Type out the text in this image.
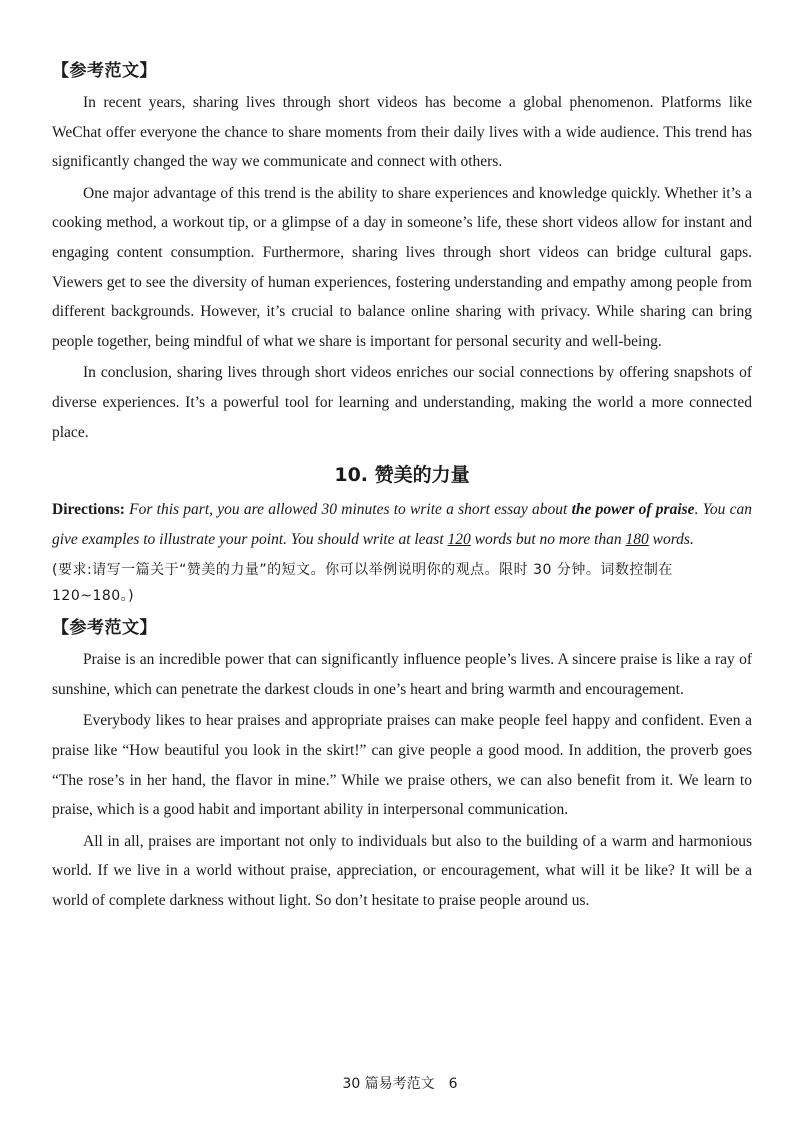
【参考范文】

In recent years, sharing lives through short videos has become a global phenomenon. Platforms like WeChat offer everyone the chance to share moments from their daily lives with a wide audience. This trend has significantly changed the way we communicate and connect with others.

One major advantage of this trend is the ability to share experiences and knowledge quickly. Whether it’s a cooking method, a workout tip, or a glimpse of a day in someone’s life, these short videos allow for instant and engaging content consumption. Furthermore, sharing lives through short videos can bridge cultural gaps. Viewers get to see the diversity of human experiences, fostering understanding and empathy among people from different backgrounds. However, it’s crucial to balance online sharing with privacy. While sharing can bring people together, being mindful of what we share is important for personal security and well-being.

In conclusion, sharing lives through short videos enriches our social connections by offering snapshots of diverse experiences. It’s a powerful tool for learning and understanding, making the world a more connected place.

10. 赞美的力量

Directions: For this part, you are allowed 30 minutes to write a short essay about the power of praise. You can give examples to illustrate your point. You should write at least 120 words but no more than 180 words.

(要求:请写一篇关于“赞美的力量”的短文。你可以举例说明你的观点。限时 30 分钟。词数控制在 120~180。)

【参考范文】

Praise is an incredible power that can significantly influence people’s lives. A sincere praise is like a ray of sunshine, which can penetrate the darkest clouds in one’s heart and bring warmth and encouragement.

Everybody likes to hear praises and appropriate praises can make people feel happy and confident. Even a praise like “How beautiful you look in the skirt!” can give people a good mood. In addition, the proverb goes “The rose’s in her hand, the flavor in mine.” While we praise others, we can also benefit from it. We learn to praise, which is a good habit and important ability in interpersonal communication.

All in all, praises are important not only to individuals but also to the building of a warm and harmonious world. If we live in a world without praise, appreciation, or encouragement, what will it be like? It will be a world of complete darkness without light. So don’t hesitate to praise people around us.

30 篇易考范文 6
